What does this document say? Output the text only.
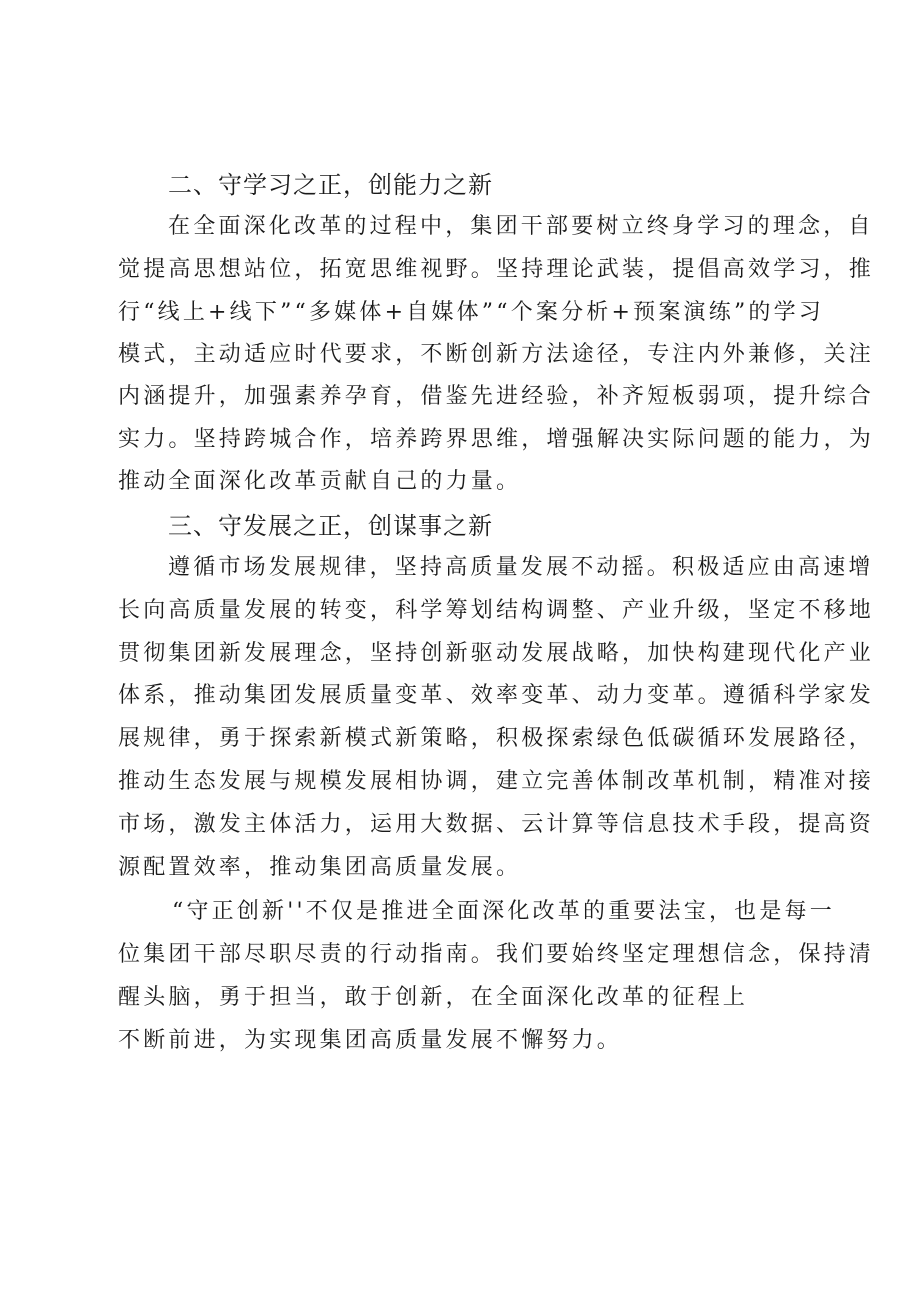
二、守学习之正，创能力之新
在全面深化改革的过程中，集团干部要树立终身学习的理念，自
觉提高思想站位，拓宽思维视野。坚持理论武装，提倡高效学习，推
行“线上+线下”“多媒体+自媒体”“个案分析+预案演练”的学习
模式，主动适应时代要求，不断创新方法途径，专注内外兼修，关注
内涵提升，加强素养孕育，借鉴先进经验，补齐短板弱项，提升综合
实力。坚持跨城合作，培养跨界思维，增强解决实际问题的能力，为
推动全面深化改革贡献自己的力量。
三、守发展之正，创谋事之新
遵循市场发展规律，坚持高质量发展不动摇。积极适应由高速增
长向高质量发展的转变，科学筹划结构调整、产业升级，坚定不移地
贯彻集团新发展理念，坚持创新驱动发展战略，加快构建现代化产业
体系，推动集团发展质量变革、效率变革、动力变革。遵循科学家发
展规律，勇于探索新模式新策略，积极探索绿色低碳循环发展路径，
推动生态发展与规模发展相协调，建立完善体制改革机制，精准对接
市场，激发主体活力，运用大数据、云计算等信息技术手段，提高资
源配置效率，推动集团高质量发展。
“守正创新''不仅是推进全面深化改革的重要法宝，也是每一
位集团干部尽职尽责的行动指南。我们要始终坚定理想信念，保持清
醒头脑，勇于担当，敢于创新，在全面深化改革的征程上
不断前进，为实现集团高质量发展不懈努力。
